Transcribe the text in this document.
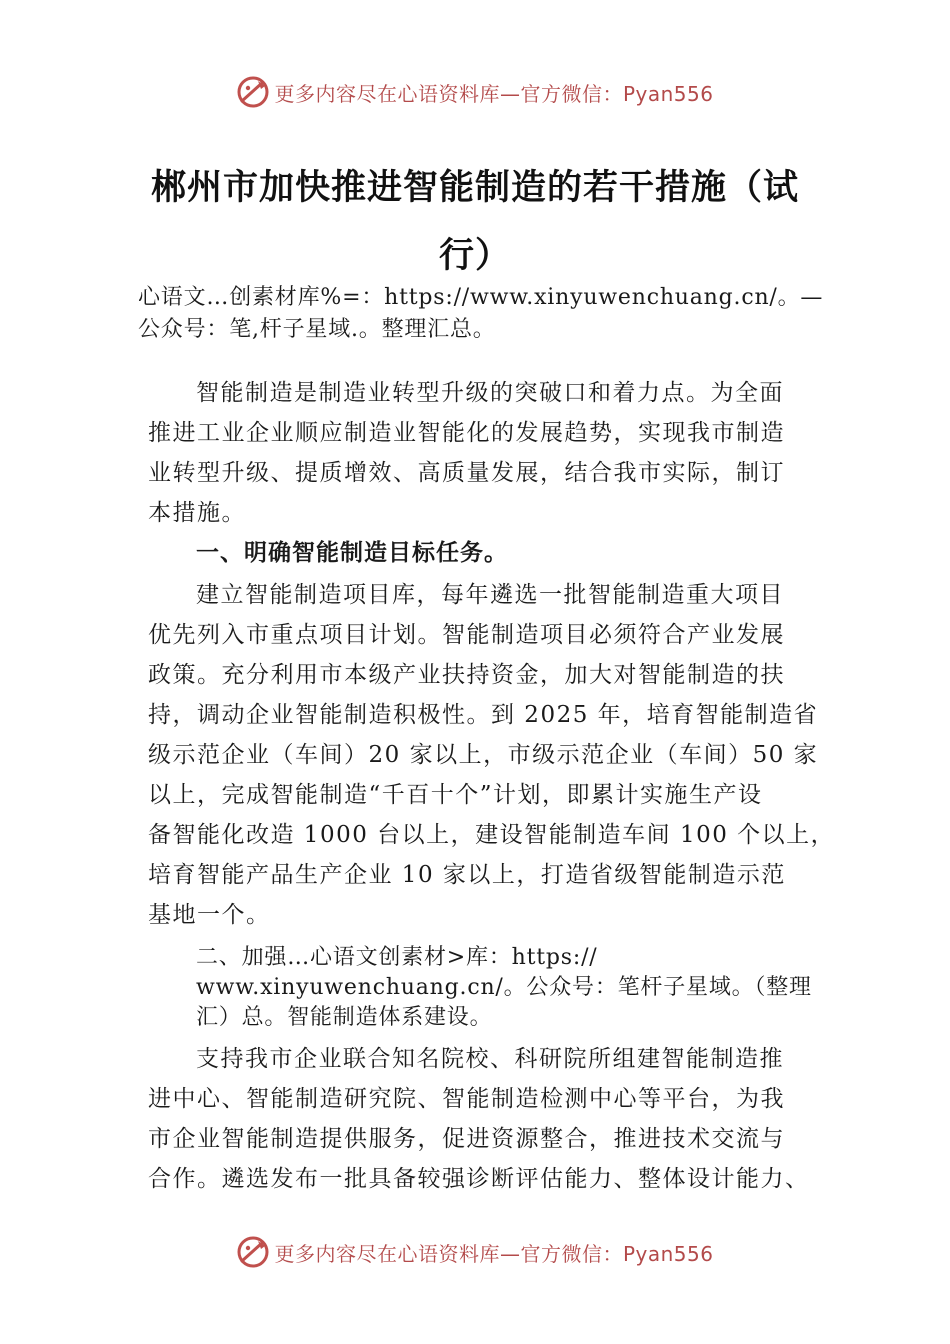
更多内容尽在心语资料库—官方微信：Pyan556
郴州市加快推进智能制造的若干措施（试
行）
心语文…创素材库%=：https://www.xinyuwenchuang.cn/。—
公众号：笔,杆子星域.。整理汇总。
智能制造是制造业转型升级的突破口和着力点。为全面
推进工业企业顺应制造业智能化的发展趋势，实现我市制造
业转型升级、提质增效、高质量发展，结合我市实际，制订
本措施。
一、明确智能制造目标任务。
建立智能制造项目库，每年遴选一批智能制造重大项目
优先列入市重点项目计划。智能制造项目必须符合产业发展
政策。充分利用市本级产业扶持资金，加大对智能制造的扶
持，调动企业智能制造积极性。到 2025 年，培育智能制造省
级示范企业（车间）20 家以上，市级示范企业（车间）50 家
以上，完成智能制造“千百十个”计划，即累计实施生产设
备智能化改造 1000 台以上，建设智能制造车间 100 个以上，
培育智能产品生产企业 10 家以上，打造省级智能制造示范
基地一个。
二、加强…心语文创素材>库：https://
www.xinyuwenchuang.cn/。公众号：笔杆子星域。（整理
汇）总。智能制造体系建设。
支持我市企业联合知名院校、科研院所组建智能制造推
进中心、智能制造研究院、智能制造检测中心等平台，为我
市企业智能制造提供服务，促进资源整合，推进技术交流与
合作。遴选发布一批具备较强诊断评估能力、整体设计能力、
更多内容尽在心语资料库—官方微信：Pyan556
